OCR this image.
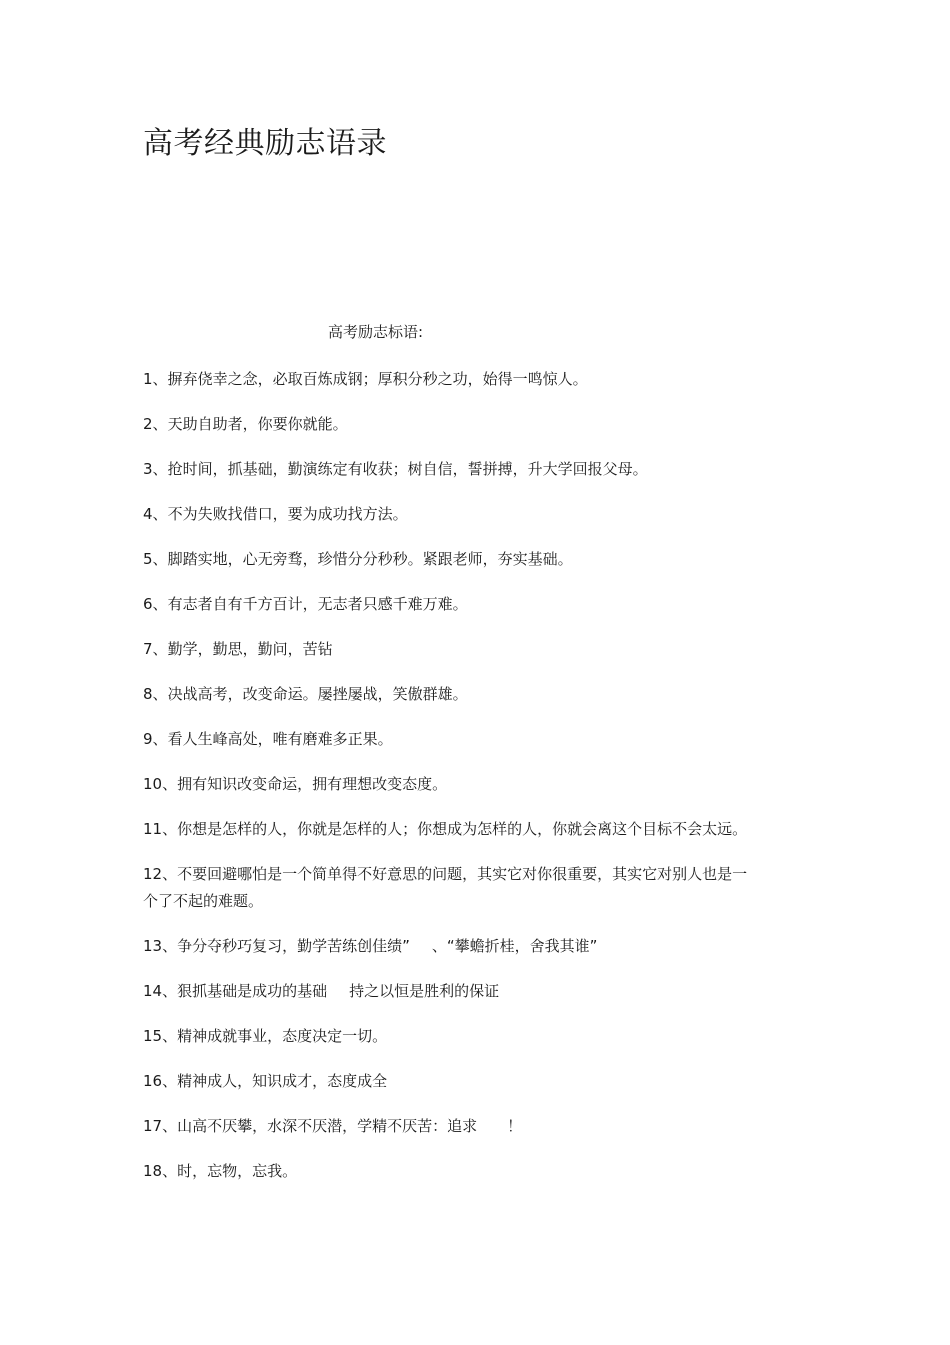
高考经典励志语录

高考励志标语:

1 、 摒弃侥幸之念，必取百炼成钢；厚积分秒之功，始得一鸣惊人。
2 、 天助自助者，你要你就能。
3 、 抢时间，抓基础，勤演练定有收获；树自信，誓拼搏，升大学回报父母。
4 、 不为失败找借口，要为成功找方法。
5 、 脚踏实地，心无旁骛，珍惜分分秒秒。紧跟老师，夯实基础。
6 、 有志者自有千方百计，无志者只感千难万难。
7 、 勤学，勤思，勤问，苦钻
8 、 决战高考，改变命运。屡挫屡战，笑傲群雄。
9 、 看人生峰高处，唯有磨难多正果。
10 、 拥有知识改变命运，拥有理想改变态度。
11 、 你想是怎样的人，你就是怎样的人；你想成为怎样的人，你就会离这个目标不会太远。
12 、 不要回避哪怕是一个简单得不好意思的问题，其实它对你很重要，其实它对别人也是一个了不起的难题。
13 、 争分夺秒巧复习，勤学苦练创佳绩” 、“攀蟾折桂，舍我其谁”
14 、 狠抓基础是成功的基础 持之以恒是胜利的保证
15 、 精神成就事业，态度决定一切。
16 、 精神成人，知识成才，态度成全
17 、 山高不厌攀，水深不厌潜，学精不厌苦：追求 ！
18 、 时，忘物，忘我。
